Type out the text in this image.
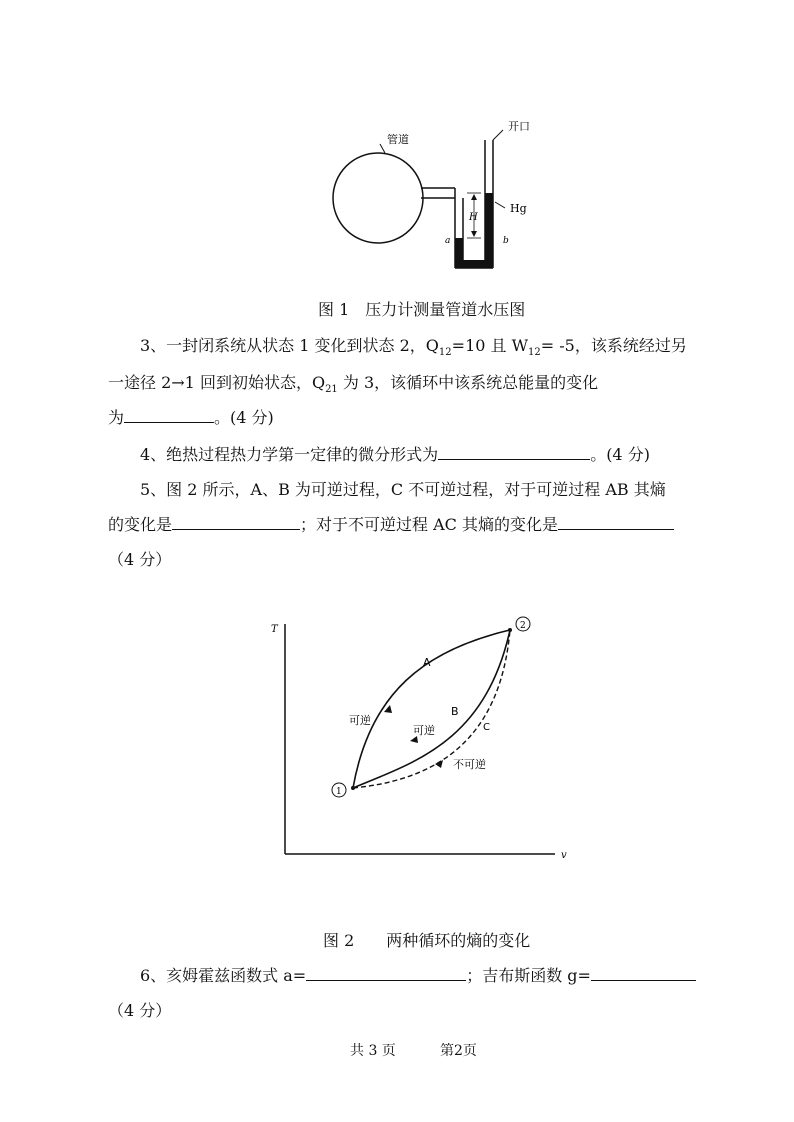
管道
H
a	b
开口
Hg
图 1　压力计测量管道水压图
3、一封闭系统从状态 1 变化到状态 2，$Q_{12}=10$ 且 $W_{12}= -5$，该系统经过另
一途径 2→1 回到初始状态，$Q_{21}$ 为 3，该循环中该系统总能量的变化
为	。(4 分)
4、绝热过程热力学第一定律的微分形式为	。(4 分)
5、图 2 所示，A、B 为可逆过程，C 不可逆过程，对于可逆过程 AB 其熵
的变化是	；对于不可逆过程 AC 其熵的变化是
（4 分）
T
v
1
2
A
B
C
可逆
可逆
不可逆
图 2　　两种循环的熵的变化
6、亥姆霍兹函数式 a=	；吉布斯函数 g=
（4 分）
共 3 页	第2页
